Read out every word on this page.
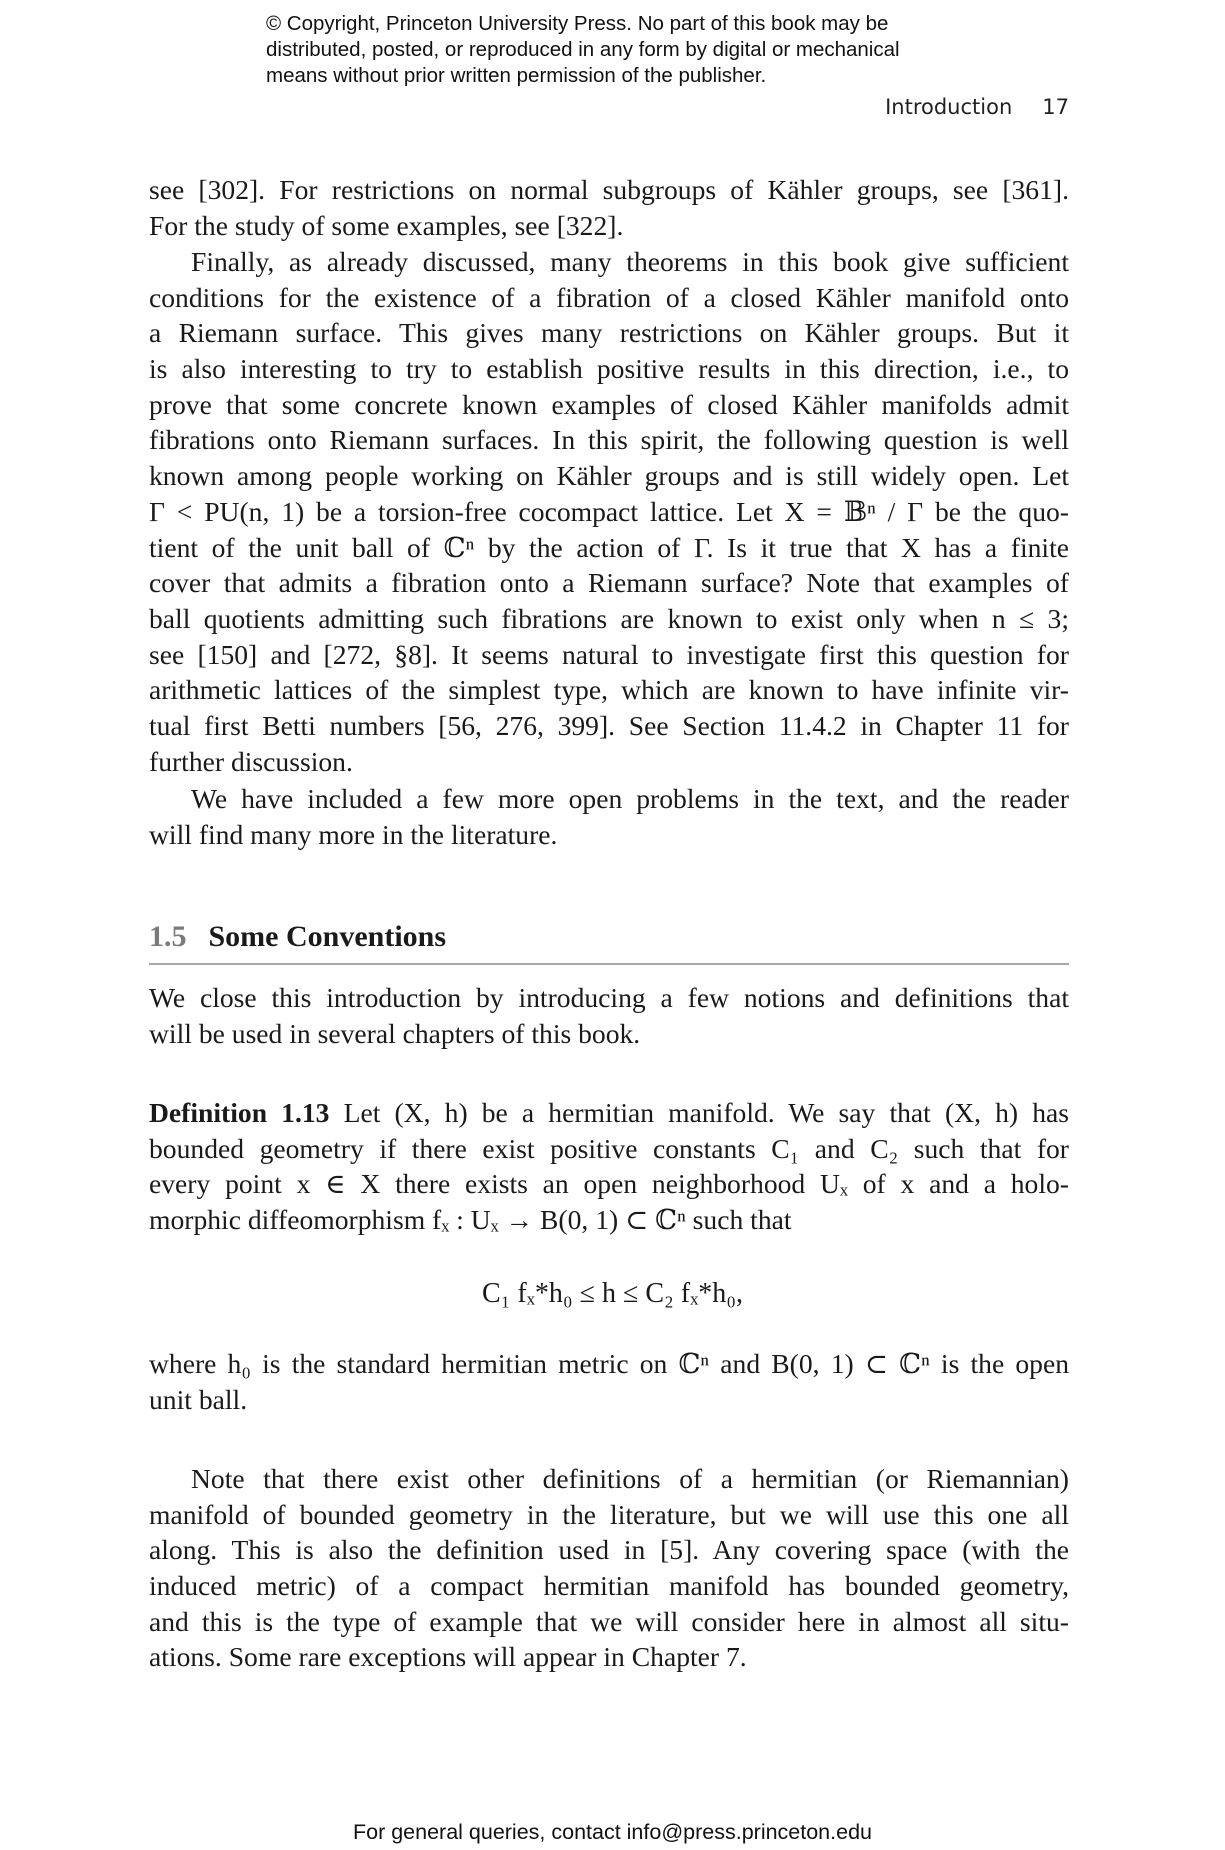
© Copyright, Princeton University Press. No part of this book may be
distributed, posted, or reproduced in any form by digital or mechanical
means without prior written permission of the publisher.
Introduction 17
see [302]. For restrictions on normal subgroups of Kähler groups, see [361].
For the study of some examples, see [322].
Finally, as already discussed, many theorems in this book give sufficient
conditions for the existence of a fibration of a closed Kähler manifold onto
a Riemann surface. This gives many restrictions on Kähler groups. But it
is also interesting to try to establish positive results in this direction, i.e., to
prove that some concrete known examples of closed Kähler manifolds admit
fibrations onto Riemann surfaces. In this spirit, the following question is well
known among people working on Kähler groups and is still widely open. Let
Γ < PU(n, 1) be a torsion-free cocompact lattice. Let X = 𝔹ⁿ / Γ be the quo-
tient of the unit ball of ℂⁿ by the action of Γ. Is it true that X has a finite
cover that admits a fibration onto a Riemann surface? Note that examples of
ball quotients admitting such fibrations are known to exist only when n ≤ 3;
see [150] and [272, §8]. It seems natural to investigate first this question for
arithmetic lattices of the simplest type, which are known to have infinite vir-
tual first Betti numbers [56, 276, 399]. See Section 11.4.2 in Chapter 11 for
further discussion.
We have included a few more open problems in the text, and the reader
will find many more in the literature.
1.5 Some Conventions
We close this introduction by introducing a few notions and definitions that
will be used in several chapters of this book.
Definition 1.13 Let (X, h) be a hermitian manifold. We say that (X, h) has
bounded geometry if there exist positive constants C₁ and C₂ such that for
every point x ∈ X there exists an open neighborhood Uₓ of x and a holo-
morphic diffeomorphism fₓ : Uₓ → B(0, 1) ⊂ ℂⁿ such that
C₁ fₓ*h₀ ≤ h ≤ C₂ fₓ*h₀,
where h₀ is the standard hermitian metric on ℂⁿ and B(0, 1) ⊂ ℂⁿ is the open
unit ball.
Note that there exist other definitions of a hermitian (or Riemannian)
manifold of bounded geometry in the literature, but we will use this one all
along. This is also the definition used in [5]. Any covering space (with the
induced metric) of a compact hermitian manifold has bounded geometry,
and this is the type of example that we will consider here in almost all situ-
ations. Some rare exceptions will appear in Chapter 7.
For general queries, contact info@press.princeton.edu
